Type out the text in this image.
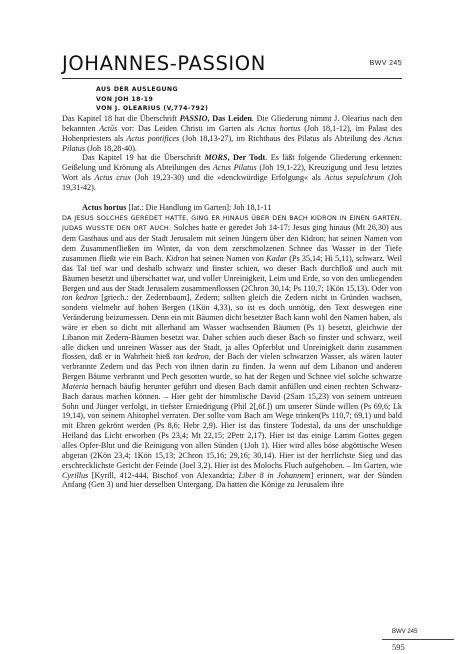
JOHANNES-PASSION	BWV 245
AUS DER AUSLEGUNG
VON JOH 18-19
VON J. OLEARIUS (V,774-792)

Das Kapitel 18 hat die Überschrift PASSIO, Das Leiden. Die Gliederung nimmt J. Olearius nach den bekannten Actūs vor: Das Leiden Christi im Garten als Actus hortus (Joh 18,1-12), im Palast des Hohenpriesters als Actus pontifices (Joh 18,13-27), im Richthaus des Pilatus als Abteilung des Actus Pilatus (Joh 18,28-40).

Das Kapitel 19 hat die Überschrift MORS, Der Todt. Es läßt folgende Gliederung erkennen: Geißelung und Krönung als Abteilungen des Actus Pilatus (Joh 19,1-22), Kreuzigung und Jesu letztes Wort als Actus crux (Joh 19,23-30) und die »denckwürdige Erfolgung« als Actus sepulchrum (Joh 19,31-42).

Actus hortus [lat.: Die Handlung im Garten]: Joh 18,1-11

DA JESUS SOLCHES GEREDET HATTE, GING ER HINAUS ÜBER DEN BACH KIDRON IN EINEN GARTEN. JUDAS WUSSTE DEN ORT AUCH: Solches hatte er geredet Joh 14-17; Jesus ging hinaus (Mt 26,30) aus dem Gasthaus und aus der Stadt Jerusalem mit seinen Jüngern über den Kidron; hat seinen Namen von dem Zusammenfließen im Winter, da von dem zerschmolzenen Schnee das Wasser in der Tiefe zusammen fließt wie ein Bach. Kidron hat seinen Namen von Kadar (Ps 35,14; Hi 5,11), schwarz. Weil das Tal tief war und deshalb schwarz und finster schien, wo dieser Bach durchfloß und auch mit Bäumen besetzt und überschattet war, und voller Unreinigkeit, Leim und Erde, so von den umliegenden Bergen und aus der Stadt Jerusalem zusammenflossen (2Chron 30,14; Ps 110,7; 1Kön 15,13). Oder von ton kedron [griech.: der Zedernbaum], Zedern; sollten gleich die Zedern nicht in Gründen wachsen, sondern vielmehr auf hohen Bergen (1Kön 4,33), so ist es doch unnötig, den Text deswegen eine Veränderung beizumessen. Denn ein mit Bäumen dicht besetzter Bach kann wohl den Namen haben, als wäre er eben so dicht mit allerhand am Wasser wachsenden Bäumen (Ps 1) besetzt, gleichwie der Libanon mit Zedern-Bäumen besetzt war. Daher schien auch dieser Bach so finster und schwarz, weil alle dicken und unreinen Wasser aus der Stadt, ja alles Opferblut und Unreinigkeit darin zusammen flossen, daß er in Wahrheit hieß ton kedron, der Bach der vielen schwarzen Wasser, als wären lauter verbrannte Zedern und das Pech von ihnen darin zu finden. Ja wenn auf dem Libanon und anderen Bergen Bäume verbrannt und Pech gesotten wurde, so hat der Regen und Schnee viel solche schwarze Materia hernach häufig herunter geführt und diesen Bach damit anfüllen und einen rechten Schwarz-Bach daraus machen können. – Hier geht der himmlische David (2Sam 15,23) von seinem untreuen Sohn und Jünger verfolgt, in tiefster Erniedrigung (Phil 2[,6f.]) um unserer Sünde willen (Ps 69,6; Lk 19,14), von seinem Ahitophel verraten. Der sollte vom Bach am Wege trinken(Ps 110,7; 69,1) und bald mit Ehren gekrönt werden (Ps 8,6; Hebr 2,9). Hier ist das finstere Todestal, da uns der unschuldige Heiland das Licht erworben (Ps 23,4; Mt 22,15; 2Petr 2,17). Hier ist das einige Lamm Gottes gegen alles Opfer-Blut und die Reinigung von allen Sünden (1Joh 1). Hier wird alles böse abgöttische Wesen abgetan (2Kön 23,4; 1Kön 15,13; 2Chron 15,16; 29,16; 30,14). Hier ist der herrlichste Sieg und das erschrecklichste Gericht der Feinde (Joel 3,2). Hier ist des Molochs Fluch aufgehoben. – Im Garten, wie Cyrillus [Kyrill, 412-444, Bischof von Alexandria; Liber 8 in Johannem] erinnert, war der Sünden Anfang (Gen 3) und hier derselben Untergang. Da hatten die Könige zu Jerusalem ihre

BWV 245
595
